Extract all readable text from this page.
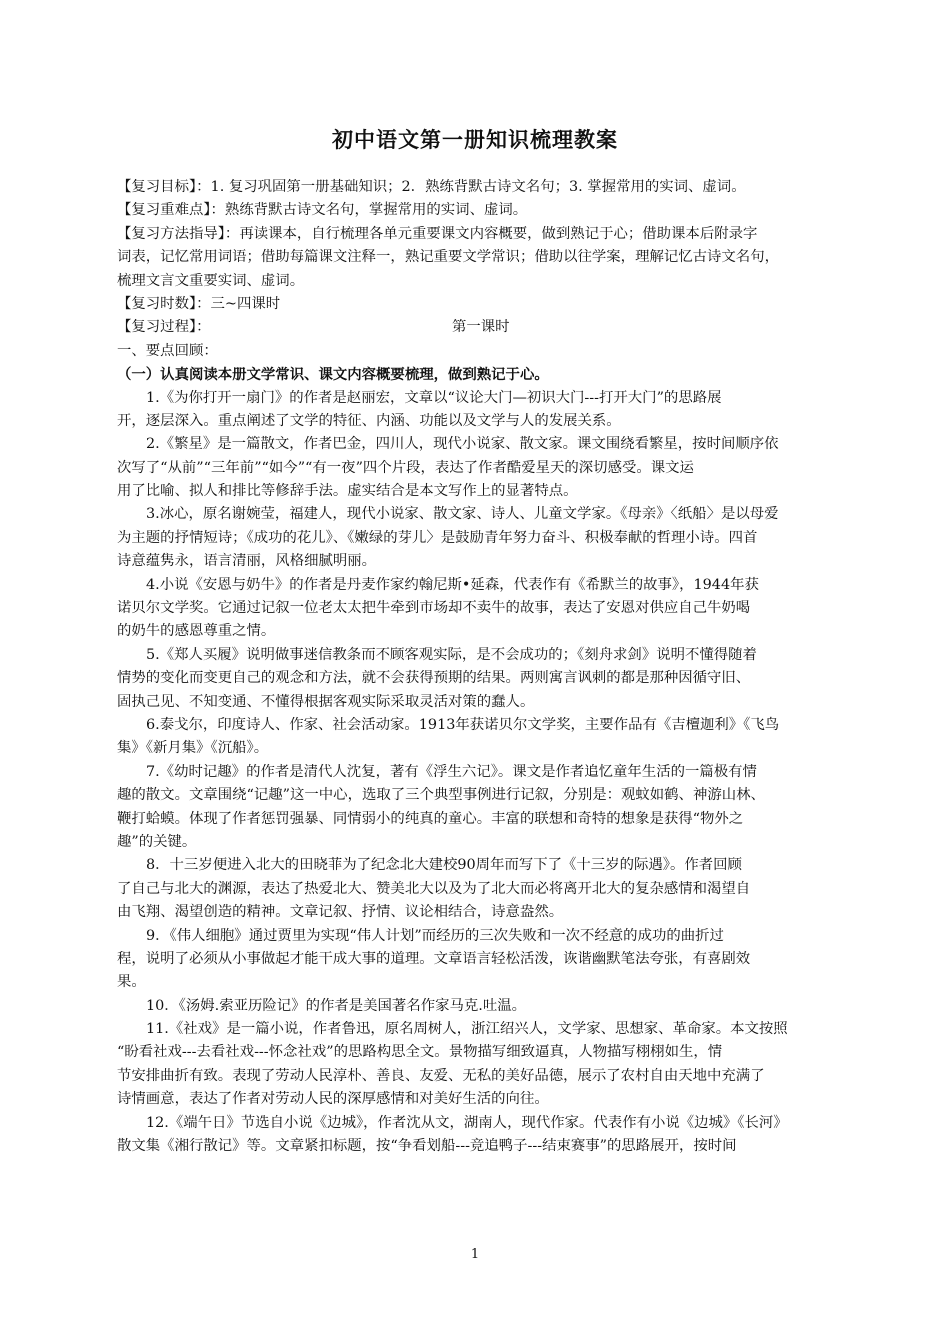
初中语文第一册知识梳理教案
【复习目标】：1. 复习巩固第一册基础知识；2．熟练背默古诗文名句；3. 掌握常用的实词、虚词。
【复习重难点】：熟练背默古诗文名句，掌握常用的实词、虚词。
【复习方法指导】：再读课本，自行梳理各单元重要课文内容概要，做到熟记于心；借助课本后附录字
词表，记忆常用词语；借助每篇课文注释一，熟记重要文学常识；借助以往学案，理解记忆古诗文名句，
梳理文言文重要实词、虚词。
【复习时数】：三~四课时
【复习过程】：	第一课时
一、要点回顾：
（一）认真阅读本册文学常识、课文内容概要梳理，做到熟记于心。
1.《为你打开一扇门》的作者是赵丽宏，文章以“议论大门—初识大门---打开大门”的思路展
开，逐层深入。重点阐述了文学的特征、内涵、功能以及文学与人的发展关系。
2.《繁星》是一篇散文，作者巴金，四川人，现代小说家、散文家。课文围绕看繁星，按时间顺序依
次写了“从前”“三年前”“如今”“有一夜”四个片段，表达了作者酷爱星天的深切感受。课文运
用了比喻、拟人和排比等修辞手法。虚实结合是本文写作上的显著特点。
3.冰心，原名谢婉莹，福建人，现代小说家、散文家、诗人、儿童文学家。《母亲》〈纸船〉是以母爱
为主题的抒情短诗；《成功的花儿》、《嫩绿的芽儿〉是鼓励青年努力奋斗、积极奉献的哲理小诗。四首
诗意蕴隽永，语言清丽，风格细腻明丽。
4.小说《安恩与奶牛》的作者是丹麦作家约翰尼斯•延森，代表作有《希默兰的故事》，1944年获
诺贝尔文学奖。它通过记叙一位老太太把牛牵到市场却不卖牛的故事，表达了安恩对供应自己牛奶喝
的奶牛的感恩尊重之情。
5.《郑人买履》说明做事迷信教条而不顾客观实际，是不会成功的；《刻舟求剑》说明不懂得随着
情势的变化而变更自己的观念和方法，就不会获得预期的结果。两则寓言讽刺的都是那种因循守旧、
固执己见、不知变通、不懂得根据客观实际采取灵活对策的蠢人。
6.泰戈尔，印度诗人、作家、社会活动家。1913年获诺贝尔文学奖，主要作品有《吉檀迦利》《飞鸟
集》《新月集》《沉船》。
7.《幼时记趣》的作者是清代人沈复，著有《浮生六记》。课文是作者追忆童年生活的一篇极有情
趣的散文。文章围绕“记趣”这一中心，选取了三个典型事例进行记叙，分别是：观蚊如鹤、神游山林、
鞭打蛤蟆。体现了作者惩罚强暴、同情弱小的纯真的童心。丰富的联想和奇特的想象是获得“物外之
趣”的关键。
8．十三岁便进入北大的田晓菲为了纪念北大建校90周年而写下了《十三岁的际遇》。作者回顾
了自己与北大的渊源，表达了热爱北大、赞美北大以及为了北大而必将离开北大的复杂感情和渴望自
由飞翔、渴望创造的精神。文章记叙、抒情、议论相结合，诗意盎然。
9．《伟人细胞》通过贾里为实现“伟人计划”而经历的三次失败和一次不经意的成功的曲折过
程，说明了必须从小事做起才能干成大事的道理。文章语言轻松活泼，诙谐幽默笔法夸张，有喜剧效
果。
10．《汤姆.索亚历险记》的作者是美国著名作家马克.吐温。
11.《社戏》是一篇小说，作者鲁迅，原名周树人，浙江绍兴人，文学家、思想家、革命家。本文按照
“盼看社戏---去看社戏---怀念社戏”的思路构思全文。景物描写细致逼真，人物描写栩栩如生，情
节安排曲折有致。表现了劳动人民淳朴、善良、友爱、无私的美好品德，展示了农村自由天地中充满了
诗情画意，表达了作者对劳动人民的深厚感情和对美好生活的向往。
12.《端午日》节选自小说《边城》，作者沈从文，湖南人，现代作家。代表作有小说《边城》《长河》
散文集《湘行散记》等。文章紧扣标题，按“争看划船---竞追鸭子---结束赛事”的思路展开，按时间
1
